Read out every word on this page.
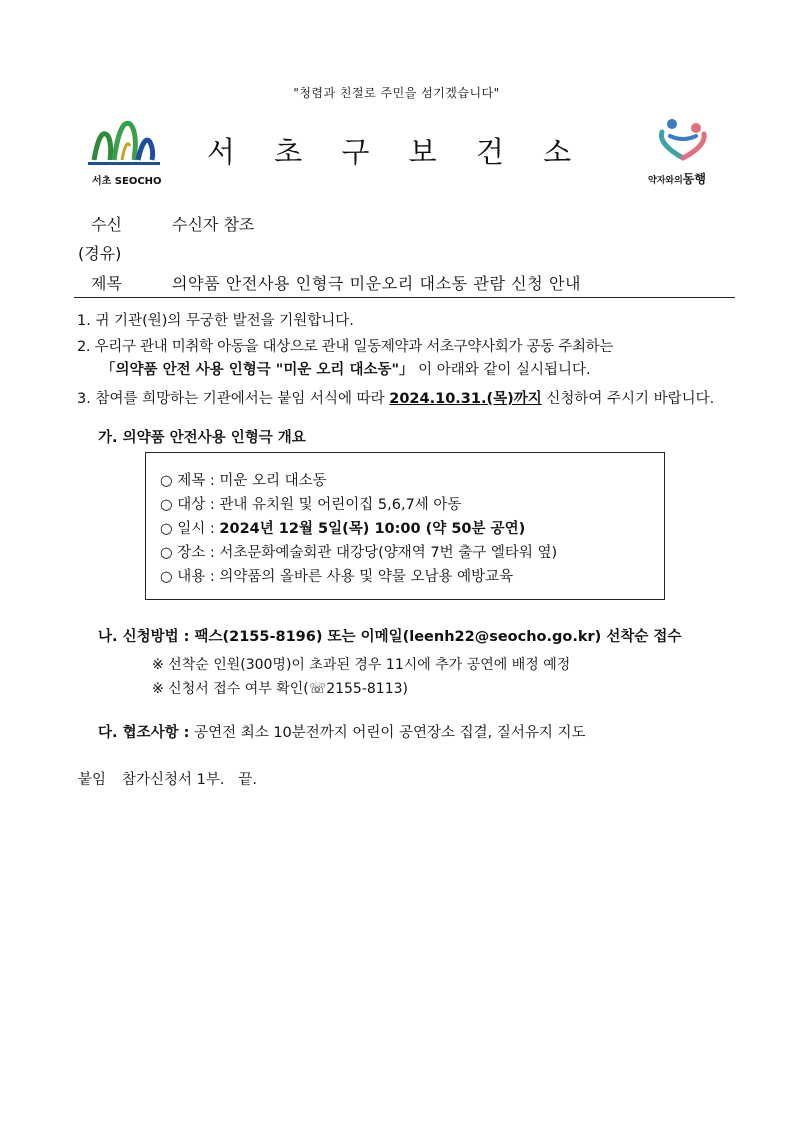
"청렴과 친절로 주민을 섬기겠습니다"
서초 SEOCHO
서 초 구 보 건 소
약자와의동행
수신	수신자 참조
(경유)
제목	의약품 안전사용 인형극 미운오리 대소동 관람 신청 안내
1. 귀 기관(원)의 무궁한 발전을 기원합니다.
2. 우리구 관내 미취학 아동을 대상으로 관내 일동제약과 서초구약사회가 공동 주최하는
「의약품 안전 사용 인형극 "미운 오리 대소동"」 이 아래와 같이 실시됩니다.
3. 참여를 희망하는 기관에서는 붙임 서식에 따라 2024.10.31.(목)까지 신청하여 주시기 바랍니다.
가. 의약품 안전사용 인형극 개요
○ 제목 : 미운 오리 대소동
○ 대상 : 관내 유치원 및 어린이집 5,6,7세 아동
○ 일시 : 2024년 12월 5일(목) 10:00 (약 50분 공연)
○ 장소 : 서초문화예술회관 대강당(양재역 7번 출구 엘타워 옆)
○ 내용 : 의약품의 올바른 사용 및 약물 오남용 예방교육
나. 신청방법 : 팩스(2155-8196) 또는 이메일(leenh22@seocho.go.kr) 선착순 접수
※ 선착순 인원(300명)이 초과된 경우 11시에 추가 공연에 배정 예정
※ 신청서 접수 여부 확인(☏2155-8113)
다. 협조사항 : 공연전 최소 10분전까지 어린이 공연장소 집결, 질서유지 지도
붙임 참가신청서 1부.   끝.
